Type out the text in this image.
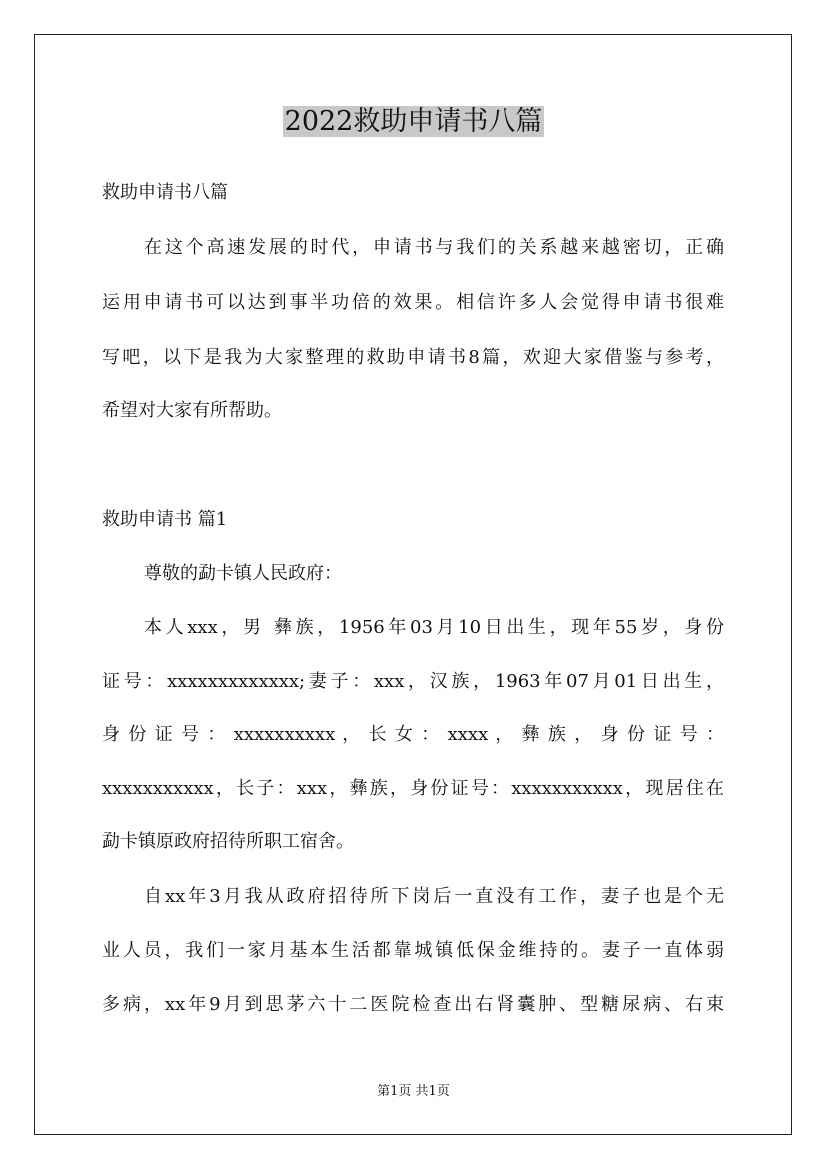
2022救助申请书八篇

救助申请书八篇

在这个高速发展的时代，申请书与我们的关系越来越密切，正确

运用申请书可以达到事半功倍的效果。相信许多人会觉得申请书很难

写吧，以下是我为大家整理的救助申请书8篇，欢迎大家借鉴与参考，

希望对大家有所帮助。

救助申请书 篇1

尊敬的勐卡镇人民政府：

本人xxx，男 彝族，1956年03月10日出生，现年55岁，身份

证号：xxxxxxxxxxxxx;妻子：xxx，汉族，1963年07月01日出生，

身 份 证 号 ： xxxxxxxxxx ， 长 女 ： xxxx ， 彝 族 ， 身 份 证 号 ：

xxxxxxxxxxx，长子：xxx，彝族，身份证号：xxxxxxxxxxx，现居住在

勐卡镇原政府招待所职工宿舍。

自xx年3月我从政府招待所下岗后一直没有工作，妻子也是个无

业人员，我们一家月基本生活都靠城镇低保金维持的。妻子一直体弱

多病，xx年9月到思茅六十二医院检查出右肾囊肿、型糖尿病、右束

第1页 共1页
